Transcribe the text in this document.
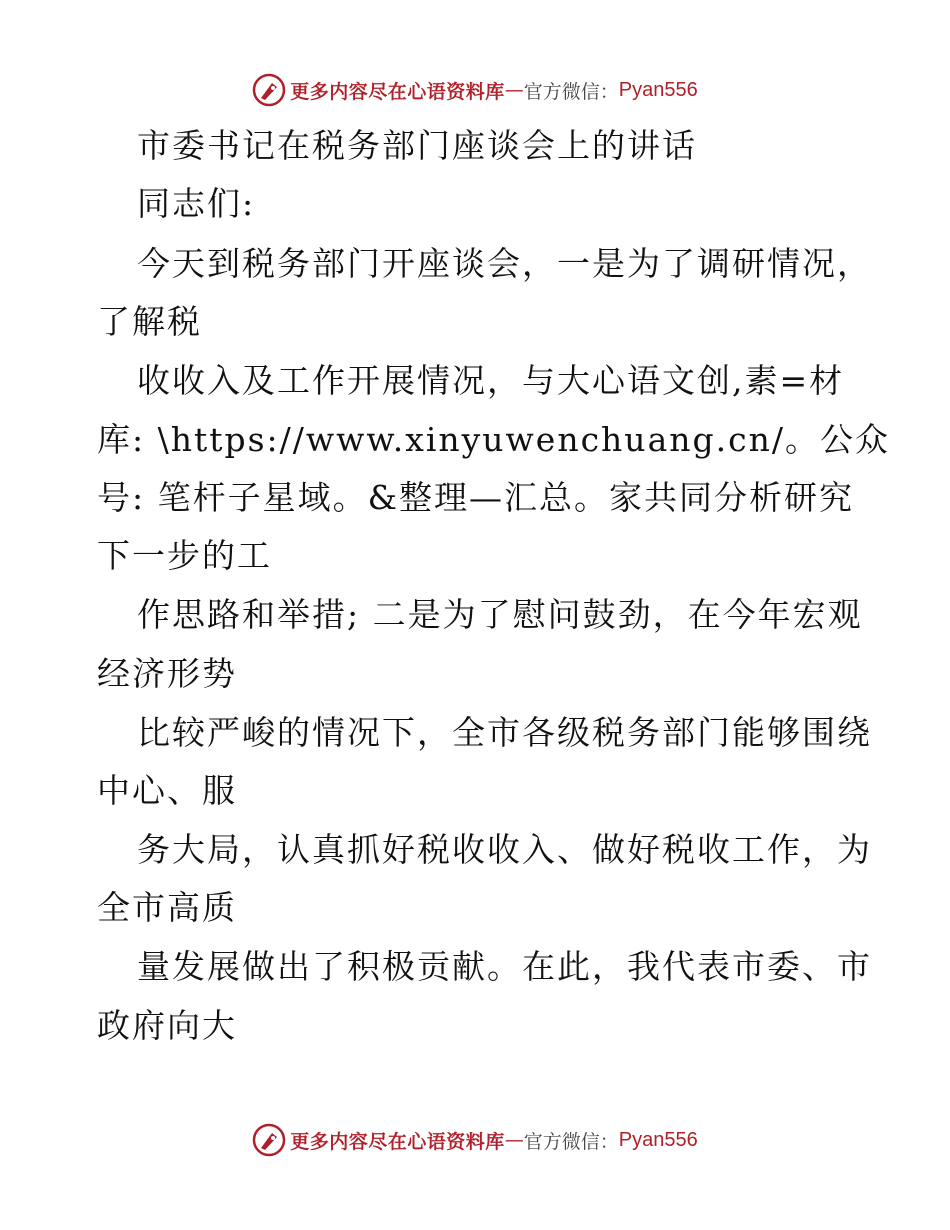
更多内容尽在心语资料库 — 官方微信： Pyan556
市委书记在税务部门座谈会上的讲话
同志们:
今天到税务部门开座谈会，一是为了调研情况，
了解税
收收入及工作开展情况，与大心语文创,素=材
库: \https://www.xinyuwenchuang.cn/。公众
号: 笔杆子星域。&整理—汇总。家共同分析研究
下一步的工
作思路和举措; 二是为了慰问鼓劲，在今年宏观
经济形势
比较严峻的情况下，全市各级税务部门能够围绕
中心、服
务大局，认真抓好税收收入、做好税收工作，为
全市高质
量发展做出了积极贡献。在此，我代表市委、市
政府向大
更多内容尽在心语资料库 — 官方微信： Pyan556
